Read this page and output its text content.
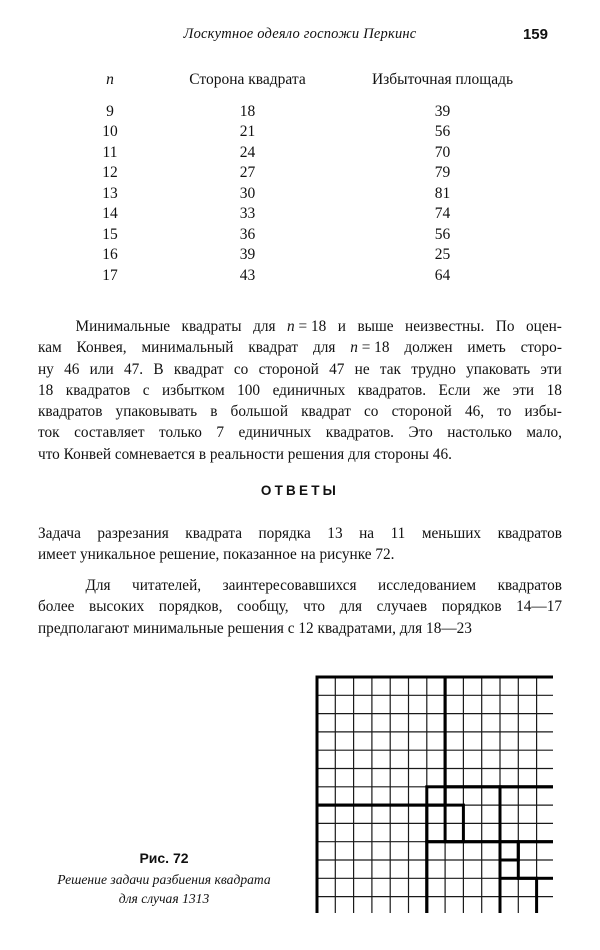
Лоскутное одеяло госпожи Перкинс	159
n	Сторона квадрата	Избыточная площадь
9	18	39
10	21	56
11	24	70
12	27	79
13	30	81
14	33	74
15	36	56
16	39	25
17	43	64
Минимальные квадраты для n = 18 и выше неизвестны. По оцен-
кам Конвея, минимальный квадрат для n = 18 должен иметь сторо-
ну 46 или 47. В квадрат со стороной 47 не так трудно упаковать эти
18 квадратов с избытком 100 единичных квадратов. Если же эти 18
квадратов упаковывать в большой квадрат со стороной 46, то избы-
ток составляет только 7 единичных квадратов. Это настолько мало,
что Конвей сомневается в реальности решения для стороны 46.
ОТВЕТЫ
Задача разрезания квадрата порядка 13 на 11 меньших квадратов
имеет уникальное решение, показанное на рисунке 72.
Для читателей, заинтересовавшихся исследованием квадратов
более высоких порядков, сообщу, что для случаев порядков 14—17
предполагают минимальные решения с 12 квадратами, для 18—23
Рис. 72
Решение задачи разбиения квадрата
для случая 1313
